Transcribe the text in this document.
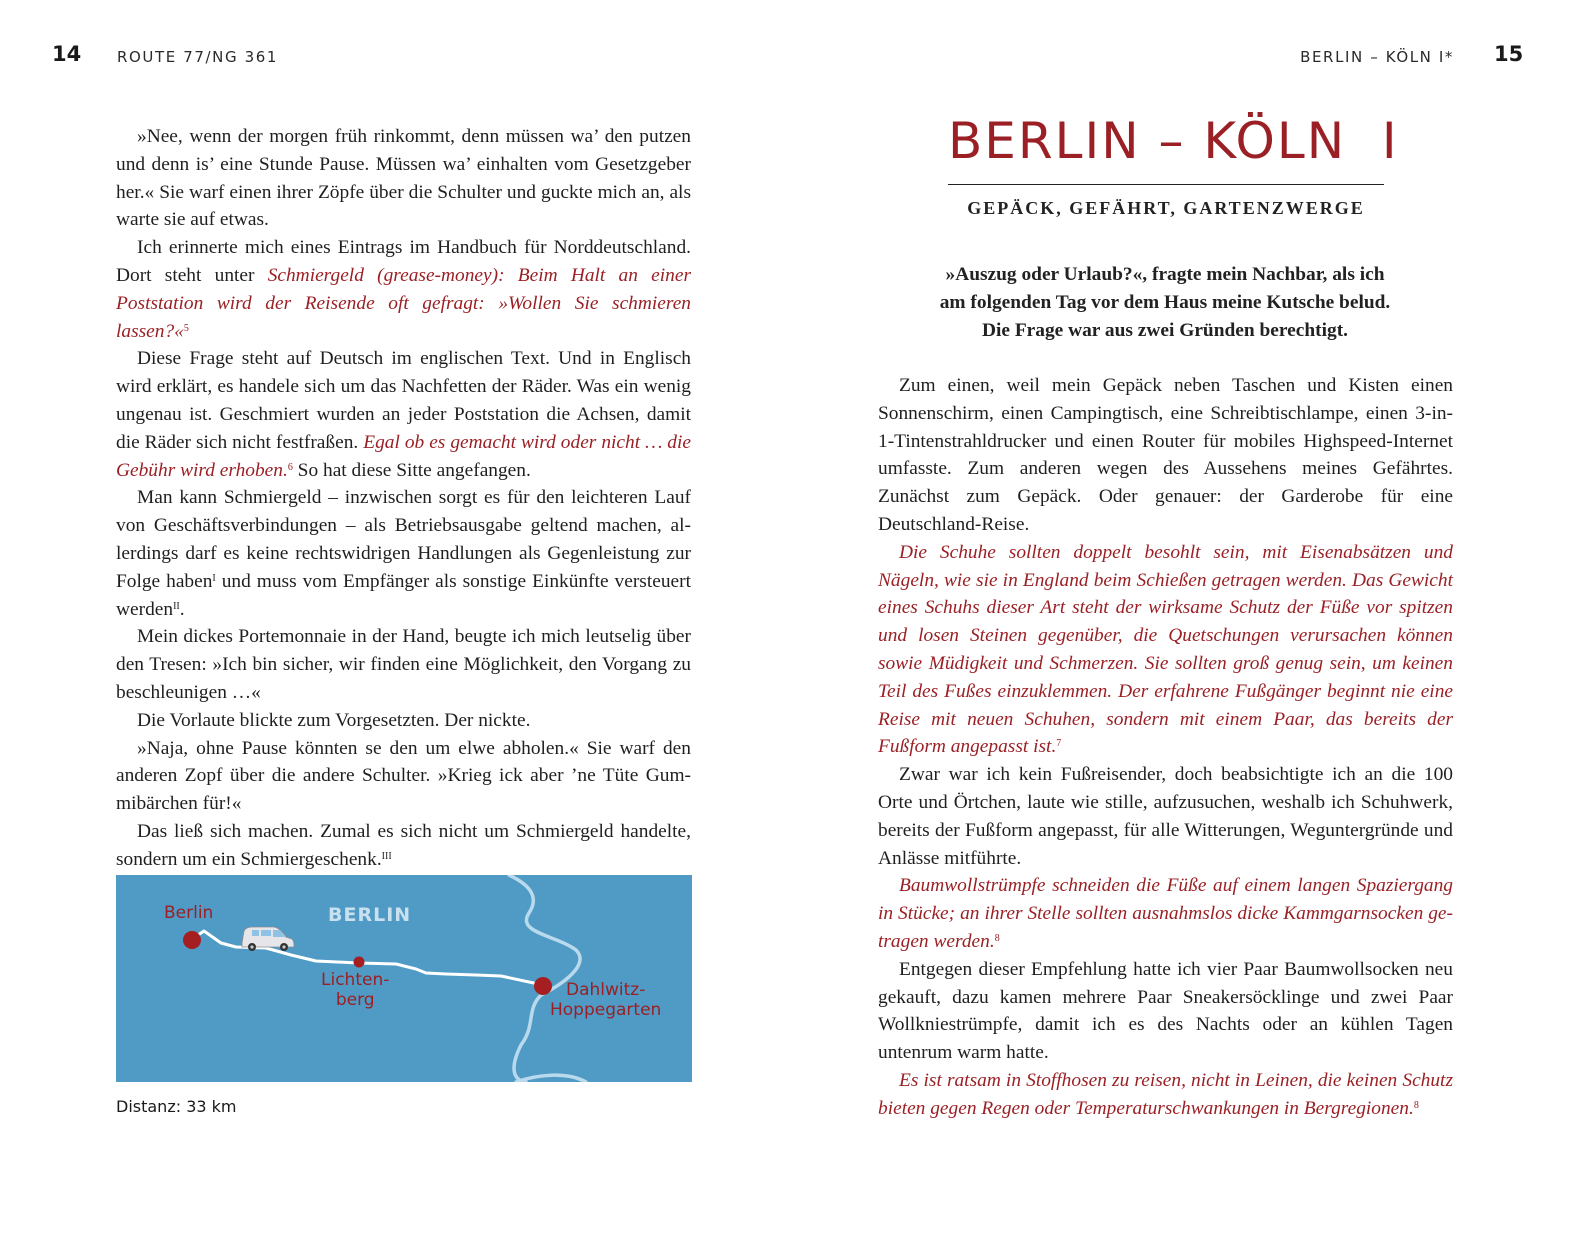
14 ROUTE 77/NG 361	BERLIN – KÖLN I* 15

»Nee, wenn der morgen früh rinkommt, denn müssen wa’ den putzen und denn is’ eine Stunde Pause. Müssen wa’ einhalten vom Gesetzgeber her.« Sie warf einen ihrer Zöpfe über die Schulter und guckte mich an, als warte sie auf etwas.

Ich erinnerte mich eines Eintrags im Handbuch für Norddeutschland. Dort steht unter Schmiergeld (grease-money): Beim Halt an einer Poststation wird der Reisende oft gefragt: »Wollen Sie schmieren lassen?«$^5$

Diese Frage steht auf Deutsch im englischen Text. Und in Englisch wird erklärt, es handele sich um das Nachfetten der Räder. Was ein wenig ungenau ist. Geschmiert wurden an jeder Poststation die Achsen, damit die Räder sich nicht festfraßen. Egal ob es gemacht wird oder nicht … die Gebühr wird erhoben.$^6$ So hat diese Sitte angefangen.

Man kann Schmiergeld – inzwischen sorgt es für den leichteren Lauf von Geschäftsverbindungen – als Betriebsausgabe geltend machen, allerdings darf es keine rechtswidrigen Handlungen als Gegenleistung zur Folge haben$^I$ und muss vom Empfänger als sonstige Einkünfte versteuert werden$^{II}$.

Mein dickes Portemonnaie in der Hand, beugte ich mich leutselig über den Tresen: »Ich bin sicher, wir finden eine Möglichkeit, den Vorgang zu beschleunigen …«

Die Vorlaute blickte zum Vorgesetzten. Der nickte.

»Naja, ohne Pause könnten se den um elwe abholen.« Sie warf den anderen Zopf über die andere Schulter. »Krieg ick aber ’ne Tüte Gummibärchen für!«

Das ließ sich machen. Zumal es sich nicht um Schmiergeld handelte, sondern um ein Schmiergeschenk.$^{III}$

BERLIN
Berlin
Lichten-
berg	Dahlwitz-
Hoppegarten
Distanz: 33 km
BERLIN – KÖLN  I
GEPÄCK, GEFÄHRT, GARTENZWERGE
»Auszug oder Urlaub?«, fragte mein Nachbar, als ich
am folgenden Tag vor dem Haus meine Kutsche belud.
Die Frage war aus zwei Gründen berechtigt.

Zum einen, weil mein Gepäck neben Taschen und Kisten einen Sonnenschirm, einen Campingtisch, eine Schreibtischlampe, einen 3-in-1-Tintenstrahldrucker und einen Router für mobiles Highspeed-Internet umfasste. Zum anderen wegen des Aussehens meines Gefährtes. Zunächst zum Gepäck. Oder genauer: der Garderobe für eine Deutschland-Reise.

Die Schuhe sollten doppelt besohlt sein, mit Eisenabsätzen und Nägeln, wie sie in England beim Schießen getragen werden. Das Gewicht eines Schuhs dieser Art steht der wirksame Schutz der Füße vor spitzen und losen Steinen gegenüber, die Quetschungen verursachen können sowie Müdigkeit und Schmerzen. Sie sollten groß genug sein, um keinen Teil des Fußes einzuklemmen. Der erfahrene Fußgänger beginnt nie eine Reise mit neuen Schuhen, sondern mit einem Paar, das bereits der Fußform angepasst ist.$^7$

Zwar war ich kein Fußreisender, doch beabsichtigte ich an die 100 Orte und Örtchen, laute wie stille, aufzusuchen, weshalb ich Schuhwerk, bereits der Fußform angepasst, für alle Witterungen, Weguntergründe und Anlässe mitführte.

Baumwollstrümpfe schneiden die Füße auf einem langen Spaziergang in Stücke; an ihrer Stelle sollten ausnahmslos dicke Kammgarnsocken getragen werden.$^8$

Entgegen dieser Empfehlung hatte ich vier Paar Baumwollsocken neu gekauft, dazu kamen mehrere Paar Sneakersöcklinge und zwei Paar Wollkniestrümpfe, damit ich es des Nachts oder an kühlen Tagen untenrum warm hatte.

Es ist ratsam in Stoffhosen zu reisen, nicht in Leinen, die keinen Schutz bieten gegen Regen oder Temperaturschwankungen in Bergregionen.$^8$
